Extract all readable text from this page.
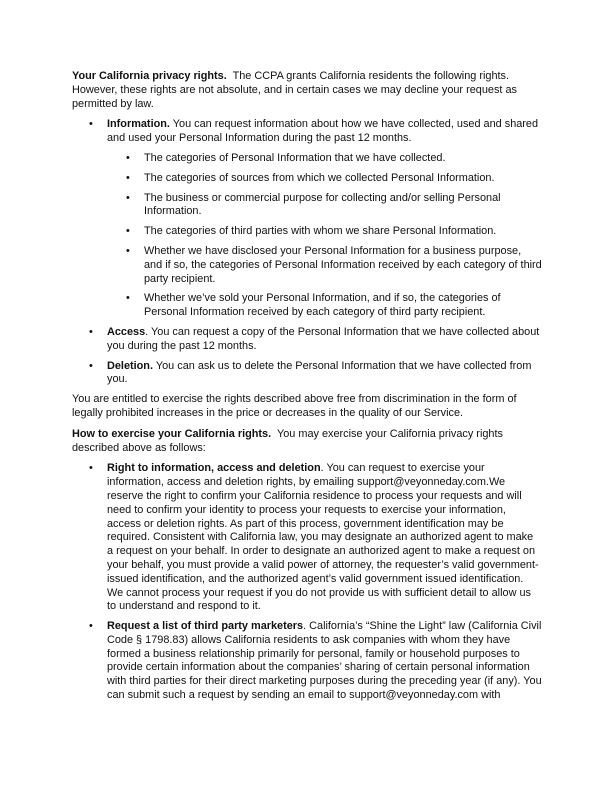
Your California privacy rights. The CCPA grants California residents the following rights. However, these rights are not absolute, and in certain cases we may decline your request as permitted by law.

• Information. You can request information about how we have collected, used and shared and used your Personal Information during the past 12 months.
• The categories of Personal Information that we have collected.
• The categories of sources from which we collected Personal Information.
• The business or commercial purpose for collecting and/or selling Personal Information.
• The categories of third parties with whom we share Personal Information.
• Whether we have disclosed your Personal Information for a business purpose, and if so, the categories of Personal Information received by each category of third party recipient.
• Whether we’ve sold your Personal Information, and if so, the categories of Personal Information received by each category of third party recipient.
• Access. You can request a copy of the Personal Information that we have collected about you during the past 12 months.
• Deletion. You can ask us to delete the Personal Information that we have collected from you.

You are entitled to exercise the rights described above free from discrimination in the form of legally prohibited increases in the price or decreases in the quality of our Service.

How to exercise your California rights. You may exercise your California privacy rights described above as follows:

• Right to information, access and deletion. You can request to exercise your information, access and deletion rights, by emailing support@veyonneday.com.We reserve the right to confirm your California residence to process your requests and will need to confirm your identity to process your requests to exercise your information, access or deletion rights. As part of this process, government identification may be required. Consistent with California law, you may designate an authorized agent to make a request on your behalf. In order to designate an authorized agent to make a request on your behalf, you must provide a valid power of attorney, the requester’s valid government-issued identification, and the authorized agent’s valid government issued identification. We cannot process your request if you do not provide us with sufficient detail to allow us to understand and respond to it.
• Request a list of third party marketers. California’s “Shine the Light” law (California Civil Code § 1798.83) allows California residents to ask companies with whom they have formed a business relationship primarily for personal, family or household purposes to provide certain information about the companies’ sharing of certain personal information with third parties for their direct marketing purposes during the preceding year (if any). You can submit such a request by sending an email to support@veyonneday.com with
